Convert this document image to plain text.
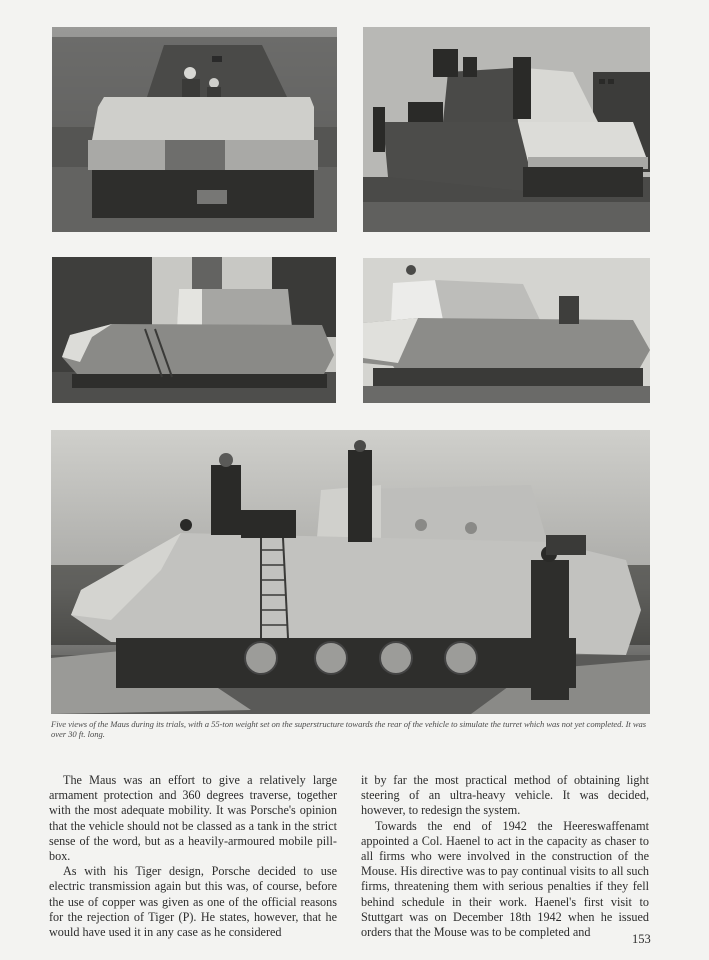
Five views of the Maus during its trials, with a 55-ton weight set on the superstructure towards the rear of the vehicle to simulate the turret which was not yet completed. It was over 30 ft. long.

The Maus was an effort to give a relatively large armament protection and 360 degrees traverse, together with the most adequate mobility. It was Porsche's opinion that the vehicle should not be classed as a tank in the strict sense of the word, but as a heavily-armoured mobile pill-box.

As with his Tiger design, Porsche decided to use electric transmission again but this was, of course, before the use of copper was given as one of the official reasons for the rejection of Tiger (P). He states, however, that he would have used it in any case as he considered

it by far the most practical method of obtaining light steering of an ultra-heavy vehicle. It was decided, however, to redesign the system.

Towards the end of 1942 the Heereswaffenamt appointed a Col. Haenel to act in the capacity as chaser to all firms who were involved in the construction of the Mouse. His directive was to pay continual visits to all such firms, threatening them with serious penalties if they fell behind schedule in their work. Haenel's first visit to Stuttgart was on December 18th 1942 when he issued orders that the Mouse was to be completed and	153
